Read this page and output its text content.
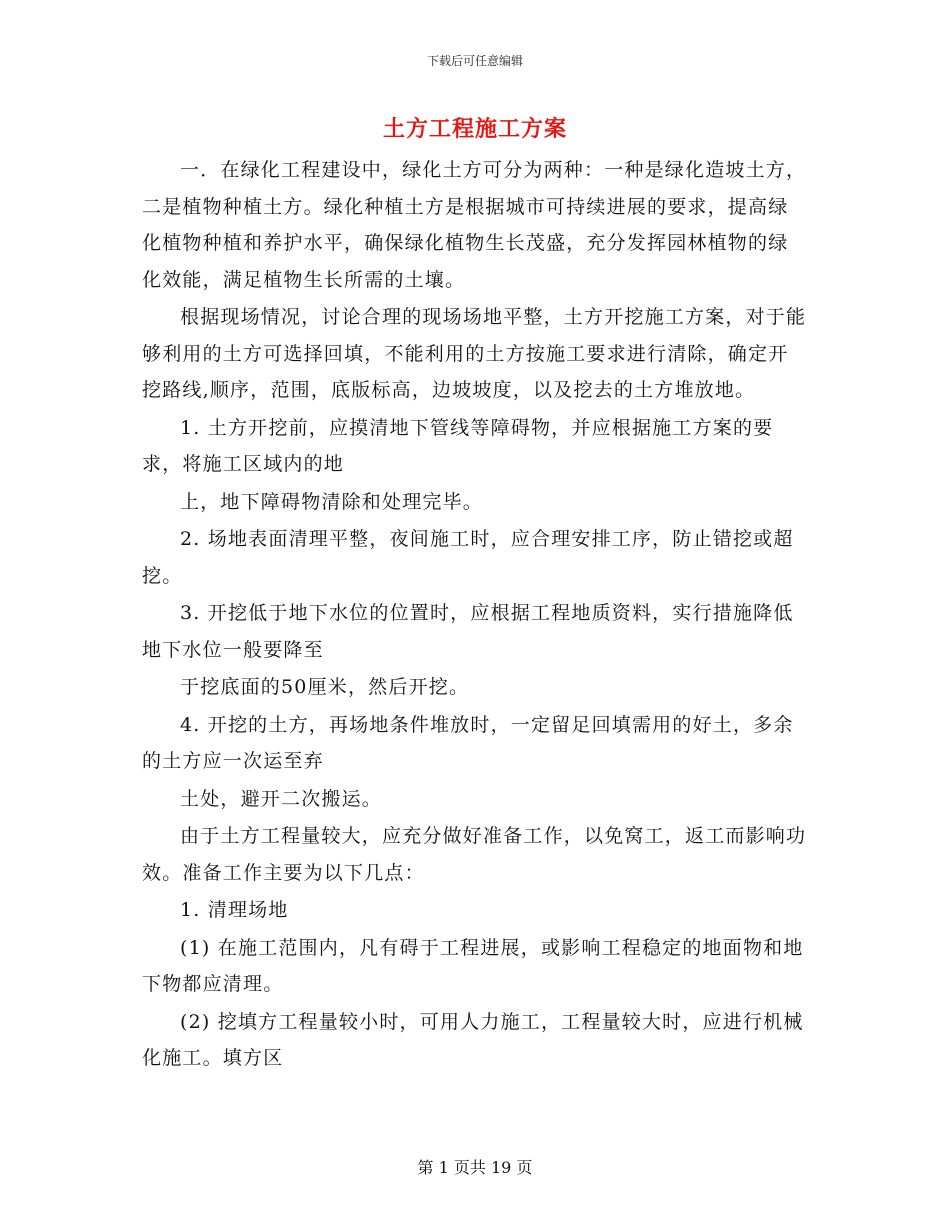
下载后可任意编辑
土方工程施工方案

一．在绿化工程建设中，绿化土方可分为两种：一种是绿化造坡土方，二是植物种植土方。绿化种植土方是根据城市可持续进展的要求，提高绿化植物种植和养护水平，确保绿化植物生长茂盛，充分发挥园林植物的绿化效能，满足植物生长所需的土壤。

根据现场情况，讨论合理的现场场地平整，土方开挖施工方案，对于能够利用的土方可选择回填，不能利用的土方按施工要求进行清除，确定开挖路线,顺序，范围，底版标高，边坡坡度，以及挖去的土方堆放地。

1. 土方开挖前，应摸清地下管线等障碍物，并应根据施工方案的要求，将施工区域内的地

上，地下障碍物清除和处理完毕。

2. 场地表面清理平整，夜间施工时，应合理安排工序，防止错挖或超挖。

3. 开挖低于地下水位的位置时，应根据工程地质资料，实行措施降低地下水位一般要降至

于挖底面的50厘米，然后开挖。

4. 开挖的土方，再场地条件堆放时，一定留足回填需用的好土，多余的土方应一次运至弃

土处，避开二次搬运。

由于土方工程量较大，应充分做好准备工作，以免窝工，返工而影响功效。准备工作主要为以下几点：

1. 清理场地

(1) 在施工范围内，凡有碍于工程进展，或影响工程稳定的地面物和地下物都应清理。

(2) 挖填方工程量较小时，可用人力施工，工程量较大时，应进行机械化施工。填方区

第 1 页共 19 页
